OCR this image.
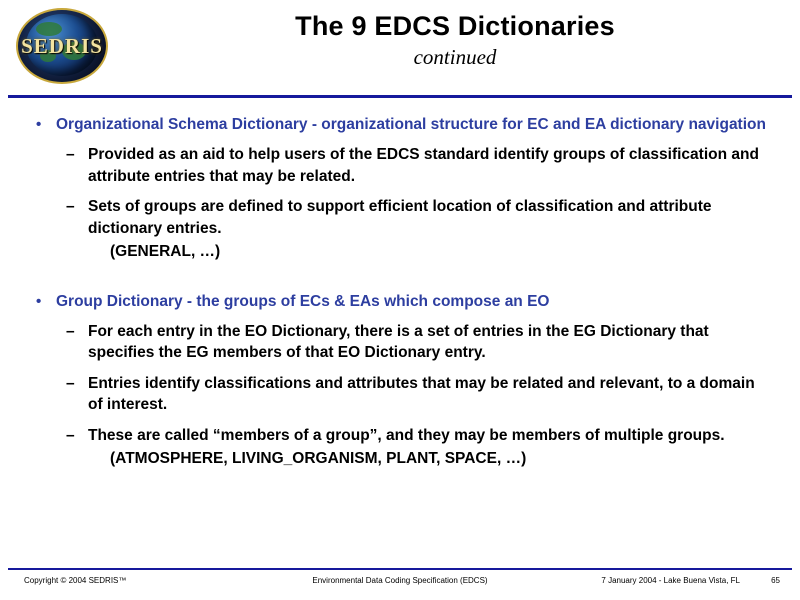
SEDRIS
The 9 EDCS Dictionaries
continued
• Organizational Schema Dictionary - organizational structure for EC and EA dictionary navigation
– Provided as an aid to help users of the EDCS standard identify groups of classification and attribute entries that may be related.
– Sets of groups are defined to support efficient location of classification and attribute dictionary entries.
(GENERAL, …)
• Group Dictionary - the groups of ECs & EAs which compose an EO
– For each entry in the EO Dictionary, there is a set of entries in the EG Dictionary that specifies the EG members of that EO Dictionary entry.
– Entries identify classifications and attributes that may be related and relevant, to a domain of interest.
– These are called “members of a group”, and they may be members of multiple groups.
(ATMOSPHERE, LIVING_ORGANISM, PLANT, SPACE, …)
Copyright © 2004 SEDRIS™	Environmental Data Coding Specification (EDCS)	7 January 2004 - Lake Buena Vista, FL	65
